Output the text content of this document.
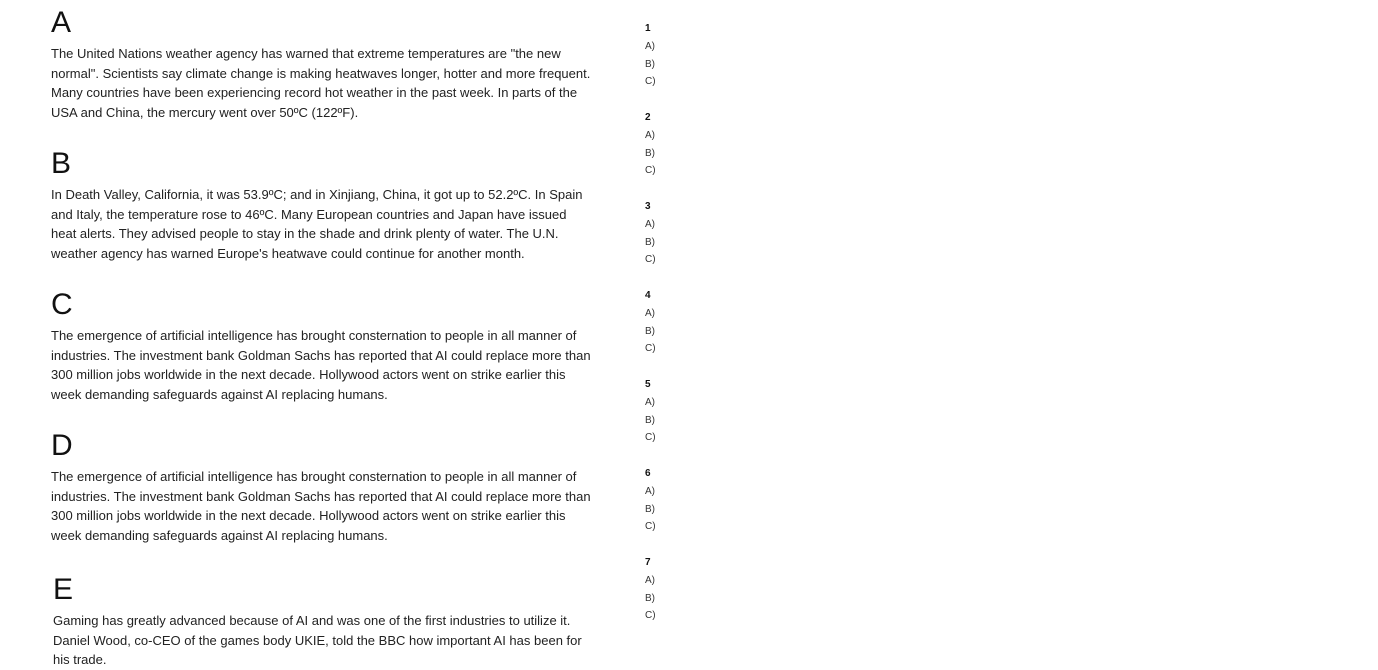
A

The United Nations weather agency has warned that extreme temperatures are "the new normal". Scientists say climate change is making heatwaves longer, hotter and more frequent. Many countries have been experiencing record hot weather in the past week. In parts of the USA and China, the mercury went over 50ºC (122ºF).

B

In Death Valley, California, it was 53.9ºC; and in Xinjiang, China, it got up to 52.2ºC. In Spain and Italy, the temperature rose to 46ºC. Many European countries and Japan have issued heat alerts. They advised people to stay in the shade and drink plenty of water. The U.N. weather agency has warned Europe's heatwave could continue for another month.

C

The emergence of artificial intelligence has brought consternation to people in all manner of industries. The investment bank Goldman Sachs has reported that AI could replace more than 300 million jobs worldwide in the next decade. Hollywood actors went on strike earlier this week demanding safeguards against AI replacing humans.

D

The emergence of artificial intelligence has brought consternation to people in all manner of industries. The investment bank Goldman Sachs has reported that AI could replace more than 300 million jobs worldwide in the next decade. Hollywood actors went on strike earlier this week demanding safeguards against AI replacing humans.

E

Gaming has greatly advanced because of AI and was one of the first industries to utilize it. Daniel Wood, co-CEO of the games body UKIE, told the BBC how important AI has been for his trade.

1
A)
B)
C)
2
A)
B)
C)
3
A)
B)
C)
4
A)
B)
C)
5
A)
B)
C)
6
A)
B)
C)
7
A)
B)
C)
